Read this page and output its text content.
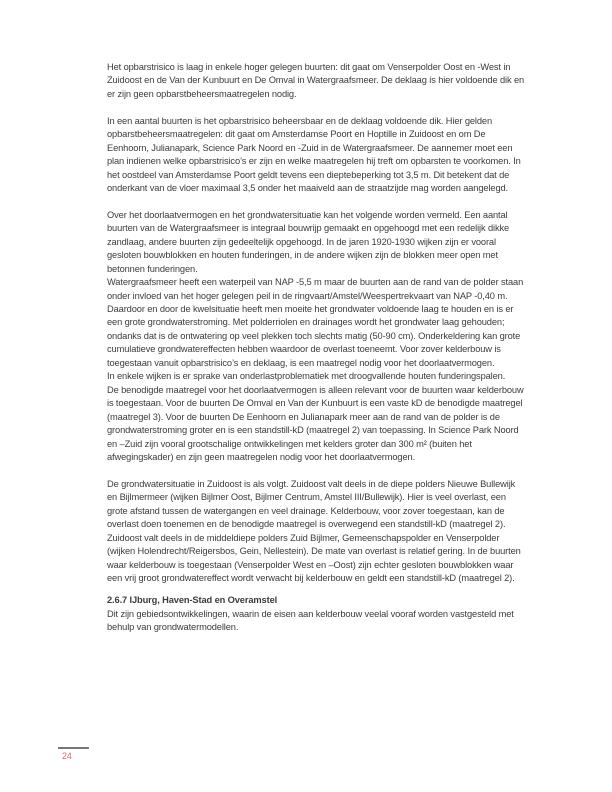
Het opbarstrisico is laag in enkele hoger gelegen buurten: dit gaat om Venserpolder Oost en -West in Zuidoost en de Van der Kunbuurt en De Omval in Watergraafsmeer. De deklaag is hier voldoende dik en er zijn geen opbarstbeheersmaatregelen nodig.

In een aantal buurten is het opbarstrisico beheersbaar en de deklaag voldoende dik. Hier gelden opbarstbeheersmaatregelen: dit gaat om Amsterdamse Poort en Hoptille in Zuidoost en om De Eenhoorn, Julianapark, Science Park Noord en -Zuid in de Watergraafsmeer. De aannemer moet een plan indienen welke opbarstrisico’s er zijn en welke maatregelen hij treft om opbarsten te voorkomen. In het oostdeel van Amsterdamse Poort geldt tevens een dieptebeperking tot 3,5 m. Dit betekent dat de onderkant van de vloer maximaal 3,5 onder het maaiveld aan de straatzijde mag worden aangelegd.

Over het doorlaatvermogen en het grondwatersituatie kan het volgende worden vermeld. Een aantal buurten van de Watergraafsmeer is integraal bouwrijp gemaakt en opgehoogd met een redelijk dikke zandlaag, andere buurten zijn gedeeltelijk opgehoogd. In de jaren 1920-1930 wijken zijn er vooral gesloten bouwblokken en houten funderingen, in de andere wijken zijn de blokken meer open met betonnen funderingen.

Watergraafsmeer heeft een waterpeil van NAP -5,5 m maar de buurten aan de rand van de polder staan onder invloed van het hoger gelegen peil in de ringvaart/Amstel/Weespertrekvaart van NAP -0,40 m. Daardoor en door de kwelsituatie heeft men moeite het grondwater voldoende laag te houden en is er een grote grondwaterstroming. Met polderriolen en drainages wordt het grondwater laag gehouden; ondanks dat is de ontwatering op veel plekken toch slechts matig (50-90 cm). Onderkeldering kan grote cumulatieve grondwatereffecten hebben waardoor de overlast toeneemt. Voor zover kelderbouw is toegestaan vanuit opbarstrisico’s en deklaag, is een maatregel nodig voor het doorlaatvermogen.

In enkele wijken is er sprake van onderlastproblematiek met droogvallende houten funderingspalen.

De benodigde maatregel voor het doorlaatvermogen is alleen relevant voor de buurten waar kelderbouw is toegestaan. Voor de buurten De Omval en Van der Kunbuurt is een vaste kD de benodigde maatregel (maatregel 3). Voor de buurten De Eenhoorn en Julianapark meer aan de rand van de polder is de grondwaterstroming groter en is een standstill-kD (maatregel 2) van toepassing. In Science Park Noord en –Zuid zijn vooral grootschalige ontwikkelingen met kelders groter dan 300 m² (buiten het afwegingskader) en zijn geen maatregelen nodig voor het doorlaatvermogen.

De grondwatersituatie in Zuidoost is als volgt. Zuidoost valt deels in de diepe polders Nieuwe Bullewijk en Bijlmermeer (wijken Bijlmer Oost, Bijlmer Centrum, Amstel III/Bullewijk). Hier is veel overlast, een grote afstand tussen de watergangen en veel drainage. Kelderbouw, voor zover toegestaan, kan de overlast doen toenemen en de benodigde maatregel is overwegend een standstill-kD (maatregel 2).

Zuidoost valt deels in de middeldiepe polders Zuid Bijlmer, Gemeenschapspolder en Venserpolder (wijken Holendrecht/Reigersbos, Gein, Nellestein). De mate van overlast is relatief gering. In de buurten waar kelderbouw is toegestaan (Venserpolder West en –Oost) zijn echter gesloten bouwblokken waar een vrij groot grondwatereffect wordt verwacht bij kelderbouw en geldt een standstill-kD (maatregel 2).

2.6.7 IJburg, Haven-Stad en Overamstel

Dit zijn gebiedsontwikkelingen, waarin de eisen aan kelderbouw veelal vooraf worden vastgesteld met behulp van grondwatermodellen.

24
